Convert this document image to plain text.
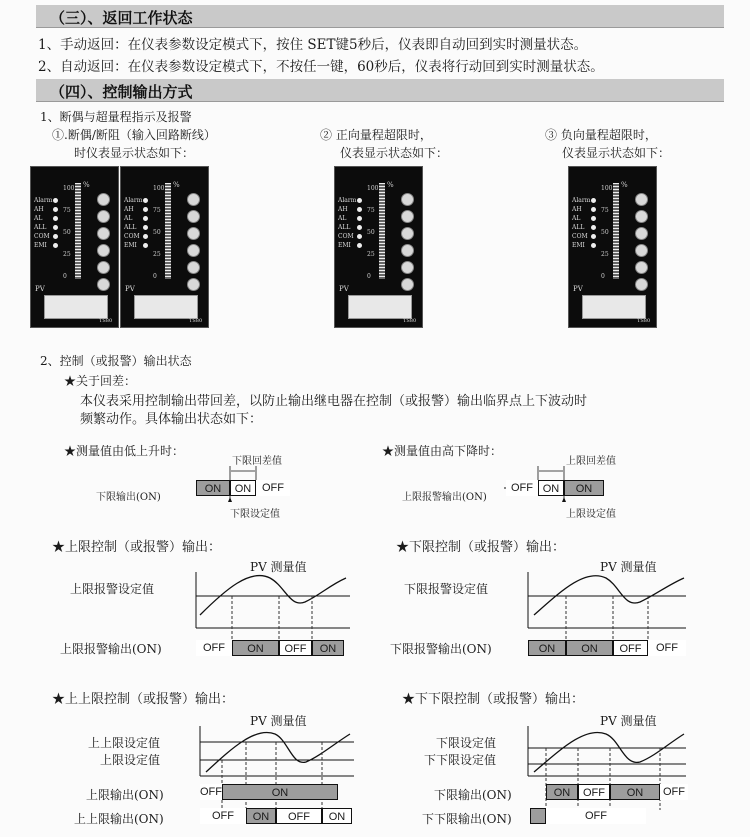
（三）、返回工作状态
1、手动返回：在仪表参数设定模式下，按住 SET键5秒后，仪表即自动回到实时测量状态。
2、自动返回：在仪表参数设定模式下，不按任一键，60秒后，仪表将行动回到实时测量状态。
（四）、控制输出方式
1、断偶与超量程指示及报警
①.断偶/断阻（输入回路断线）
时仪表显示状态如下：
② 正向量程超限时，
仪表显示状态如下：
③ 负向量程超限时，
仪表显示状态如下：
Alarm
AH
AL
ALL
COM
EMI
100
75
50
25
0
%
PV
TS80
Alarm
AH
AL
ALL
COM
EMI
100
75
50
25
0
%
PV
TS80
Alarm
AH
AL
ALL
COM
EMI
100
75
50
25
0
%
PV
TS80
Alarm
AH
AL
ALL
COM
EMI
100
75
50
25
0
%
PV
TS80
2、控制（或报警）输出状态
★关于回差：
本仪表采用控制输出带回差，以防止输出继电器在控制（或报警）输出临界点上下波动时
频繁动作。具体输出状态如下：
★测量值由低上升时：
下限回差值
下限输出(ON)
ON	ON OFF
下限设定值
★测量值由高下降时：
上限回差值
上限报警输出(ON)
OFF ON	ON
上限设定值
★上限控制（或报警）输出：
PV 测量值
上限报警设定值
上限报警输出(ON)
★下限控制（或报警）输出：
PV 测量值
下限报警设定值
下限报警输出(ON)
OFF	ON	OFF	ON	ON	ON	OFF	OFF
★上上限控制（或报警）输出：
PV 测量值
上上限设定值
上限设定值
上限输出(ON)
上上限输出(ON)
★下下限控制（或报警）输出：
PV 测量值
下限设定值
下下限设定值
下限输出(ON)
下下限输出(ON)
OFF	ON
OFF	ON	OFF	ON
ON	OFF	ON	OFF
OFF
